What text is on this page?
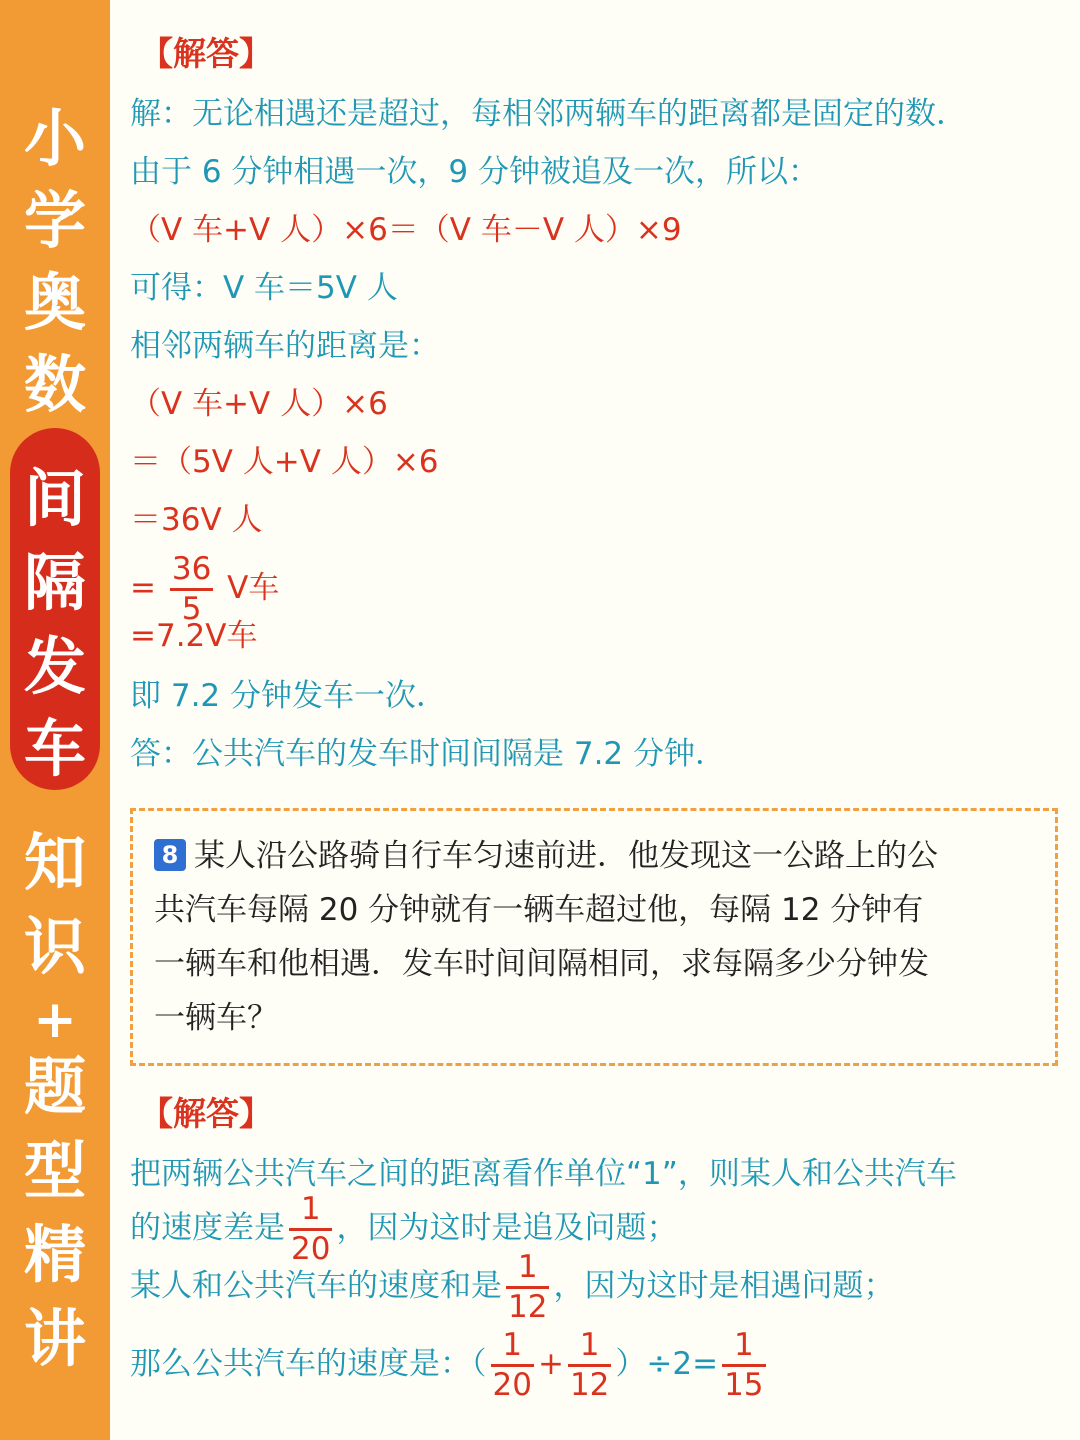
小
学
奥
数
间
隔
发
车
知
识
+
题
型
精
讲
【解答】
解：无论相遇还是超过，每相邻两辆车的距离都是固定的数．
由于 6 分钟相遇一次，9 分钟被追及一次，所以：
（V 车+V 人）×6＝（V 车－V 人）×9
可得：V 车＝5V 人
相邻两辆车的距离是：
（V 车+V 人）×6
＝（5V 人+V 人）×6
＝36V 人
= $\frac{36}{5}$ V车
=7.2V车
即 7.2 分钟发车一次．
答：公共汽车的发车时间间隔是 7.2 分钟．
8 某人沿公路骑自行车匀速前进．他发现这一公路上的公
共汽车每隔 20 分钟就有一辆车超过他，每隔 12 分钟有
一辆车和他相遇．发车时间间隔相同，求每隔多少分钟发
一辆车？
【解答】
把两辆公共汽车之间的距离看作单位“1”，则某人和公共汽车
的速度差是 $\frac{1}{20}$ ，因为这时是追及问题；
某人和公共汽车的速度和是 $\frac{1}{12}$ ，因为这时是相遇问题；
那么公共汽车的速度是：（ $\frac{1}{20} + \frac{1}{12} )\div 2= \frac{1}{15}$
